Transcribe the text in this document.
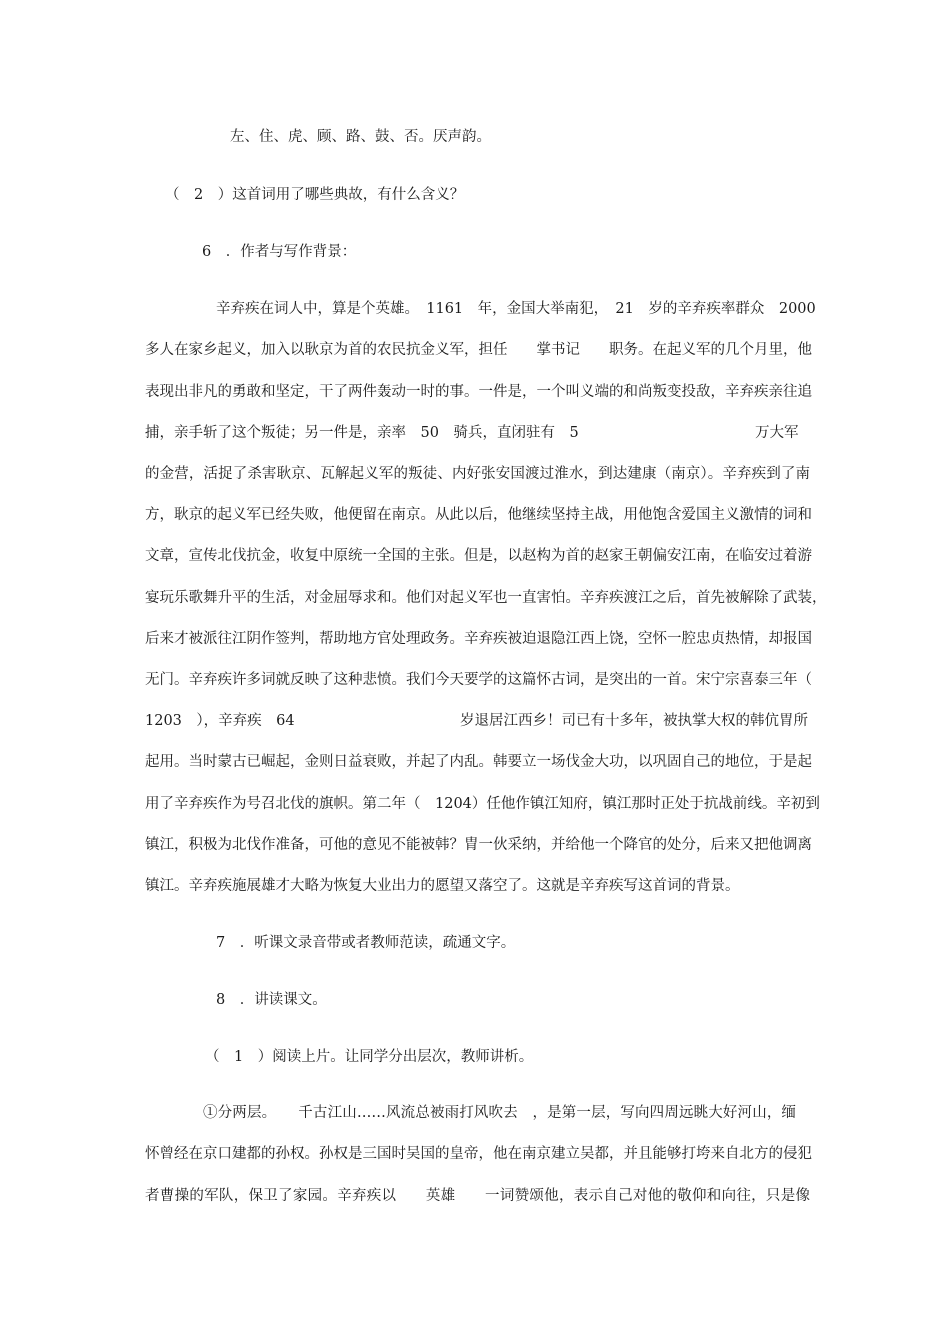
左、住、虎、顾、路、鼓、否。厌声韵。
（　2　）这首词用了哪些典故，有什么含义？
6　．作者与写作背景：
辛弃疾在词人中，算是个英雄。　1161　年，金国大举南犯，　21　岁的辛弃疾率群众　2000
多人在家乡起义，加入以耿京为首的农民抗金义军，担任　　掌书记　　职务。在起义军的几个月里，他
表现出非凡的勇敢和坚定，干了两件轰动一时的事。一件是，一个叫义端的和尚叛变投敌，辛弃疾亲往追
捕，亲手斩了这个叛徒；另一件是，亲率　50　骑兵，直闭驻有　5	万大军
的金营，活捉了杀害耿京、瓦解起义军的叛徒、内好张安国渡过淮水，到达建康（南京）。辛弃疾到了南
方，耿京的起义军已经失败，他便留在南京。从此以后，他继续坚持主战，用他饱含爱国主义激情的词和
文章，宣传北伐抗金，收复中原统一全国的主张。但是，以赵构为首的赵家王朝偏安江南，在临安过着游
宴玩乐歌舞升平的生活，对金屈辱求和。他们对起义军也一直害怕。辛弃疾渡江之后，首先被解除了武装，
后来才被派往江阴作签判，帮助地方官处理政务。辛弃疾被迫退隐江西上饶，空怀一腔忠贞热情，却报国
无门。辛弃疾许多词就反映了这种悲愤。我们今天要学的这篇怀古词，是突出的一首。宋宁宗喜泰三年（
1203　），辛弃疾　64	岁退居江西乡！司已有十多年，被执掌大权的韩伉胃所
起用。当时蒙古已崛起，金则日益衰败，并起了内乱。韩要立一场伐金大功，以巩固自己的地位，于是起
用了辛弃疾作为号召北伐的旗帜。第二年（　1204）任他作镇江知府，镇江那时正处于抗战前线。辛初到
镇江，积极为北伐作准备，可他的意见不能被韩？胄一伙采纳，并给他一个降官的处分，后来又把他调离
镇江。辛弃疾施展雄才大略为恢复大业出力的愿望又落空了。这就是辛弃疾写这首词的背景。
7　．听课文录音带或者教师范读，疏通文字。
8　．讲读课文。
（　1　）阅读上片。让同学分出层次，教师讲析。
①分两层。　　千古江山……风流总被雨打风吹去　，是第一层，写向四周远眺大好河山，缅
怀曾经在京口建都的孙权。孙权是三国时吴国的皇帝，他在南京建立吴都，并且能够打垮来自北方的侵犯
者曹操的军队，保卫了家园。辛弃疾以　　英雄　　一词赞颂他，表示自己对他的敬仰和向往，只是像
